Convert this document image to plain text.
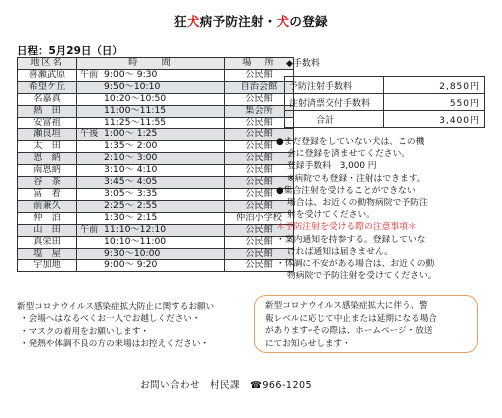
狂犬病予防注射・犬の登録
日程：5月29日（日）
地区名	時　　間	場　所
喜瀬武原	午前 9:00〜 9:30	公民館
希望ケ丘	9:50〜10:10	自治会館
名嘉真	10:20〜10:50	公民館
熱　田	11:00〜11:15	集会所
安富祖	11:25〜11:55	公民館
瀬良垣	午後 1:00〜 1:25	公民館
太　田	1:35〜 2:00	公民館
恩　納	2:10〜 3:00	公民館
南恩納	3:10〜 4:10	公民館
谷　茶	3:45〜 4:05	公民館
冨　着	3:05〜 3:35	公民館
前兼久	2:25〜 2:55	公民館
仲　泊	1:30〜 2:15	仲泊小学校
山　田	午前 11:10〜12:10	公民館
真栄田	10:10〜11:00	公民館
塩　屋	9:30〜10:00	公民館
宇加地	9:00〜 9:20	公民館
◆手数料
予防注射手数料	2,850円
注射済票交付手数料	550円
　　　合計	3,400円

●まだ登録をしていない犬は、この機

会に登録を済ませてください。

登録手数料　3,000 円

※病院でも登録・注射はできます。

●集合注射を受けることができない

場合は、お近くの動物病院で予防注

射を受けてください。

＊予防注射を受ける際の注意事項＊

・案内通知を持参する。登録していな

ければ通知は届きません。

・体調に不安がある場合は、お近くの動

物病院で予防注射を受けてください。

新型コロナウイルス感染症拡大防止に関するお願い

・会場へはなるべくお一人でお越しください・

・マスクの着用をお願いします・

・発熱や体調不良の方の来場はお控えください・

新型コロナウイルス感染症拡大に伴う、警
報レベルに応じて中止または延期になる場合
がありますｰその際は、ホームページ・放送
にてお知らせします・
お問い合わせ　村民課　☎966-1205
